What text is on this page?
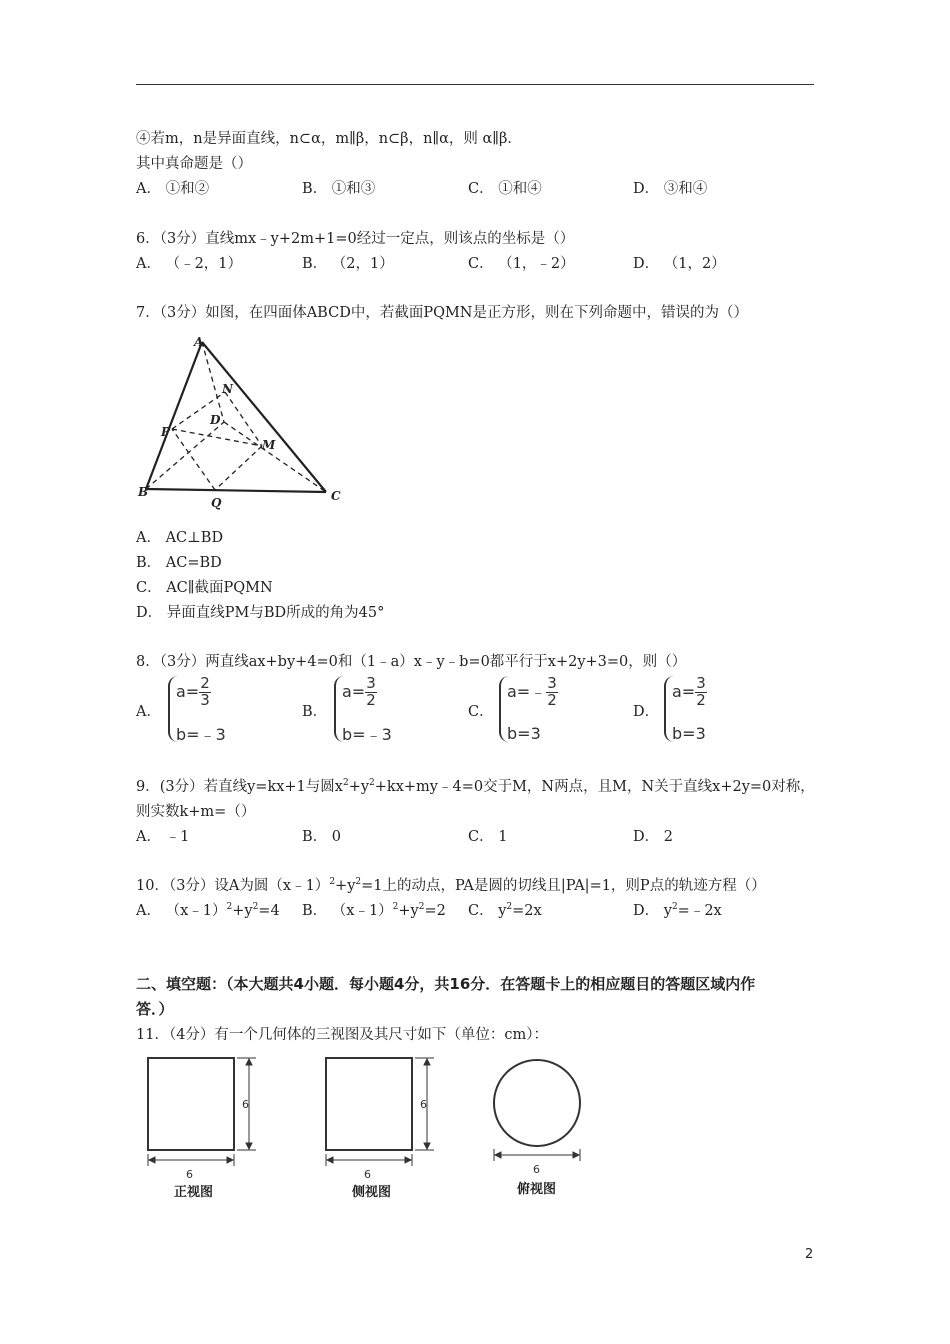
④若m，n是异面直线，n⊂α，m∥β，n⊂β，n∥α，则 α∥β．
其中真命题是（）
A． ①和②	B． ①和③	C． ①和④	D． ③和④
6．（3分）直线mx﹣y+2m+1=0经过一定点，则该点的坐标是（）
A． （﹣2，1）	B． （2，1）	C． （1，﹣2）	D． （1，2）
7．（3分）如图，在四面体ABCD中，若截面PQMN是正方形，则在下列命题中，错误的为（）
A
N
D
P
M
B
Q	C
A． AC⊥BD
B． AC=BD
C． AC∥截面PQMN
D． 异面直线PM与BD所成的角为45°
8．（3分）两直线ax+by+4=0和（1﹣a）x﹣y﹣b=0都平行于x+2y+3=0，则（）
A．
$a= \frac{2}{3}$
b=﹣3
B．
$a= \frac{3}{2}$
b=﹣3
C．
a=﹣ $\frac{3}{2}$
b=3
D．
$a= \frac{3}{2}$
b=3
9．(3分）若直线y=kx+1与圆$x^2+y^2+kx+my﹣4=0$交于M，N两点，且M，N关于直线x+2y=0对称，
则实数k+m=（）
A． ﹣1	B． 0	C． 1	D． 2
10．（3分）设A为圆$(x﹣1)^2+y^2=1$上的动点，PA是圆的切线且|PA|=1，则P点的轨迹方程（）
A． $(x﹣1)^2+y^2=4$ B． $(x﹣1)^2+y^2=2$ C． $y^2=2x$	D． $y^2=﹣2x$
二、填空题：（本大题共4小题．每小题4分，共16分．在答题卡上的相应题目的答题区域内作
答．）
11．（4分）有一个几何体的三视图及其尺寸如下（单位：cm）：
6
6
6
6
6
正视图	侧视图	俯视图
2
